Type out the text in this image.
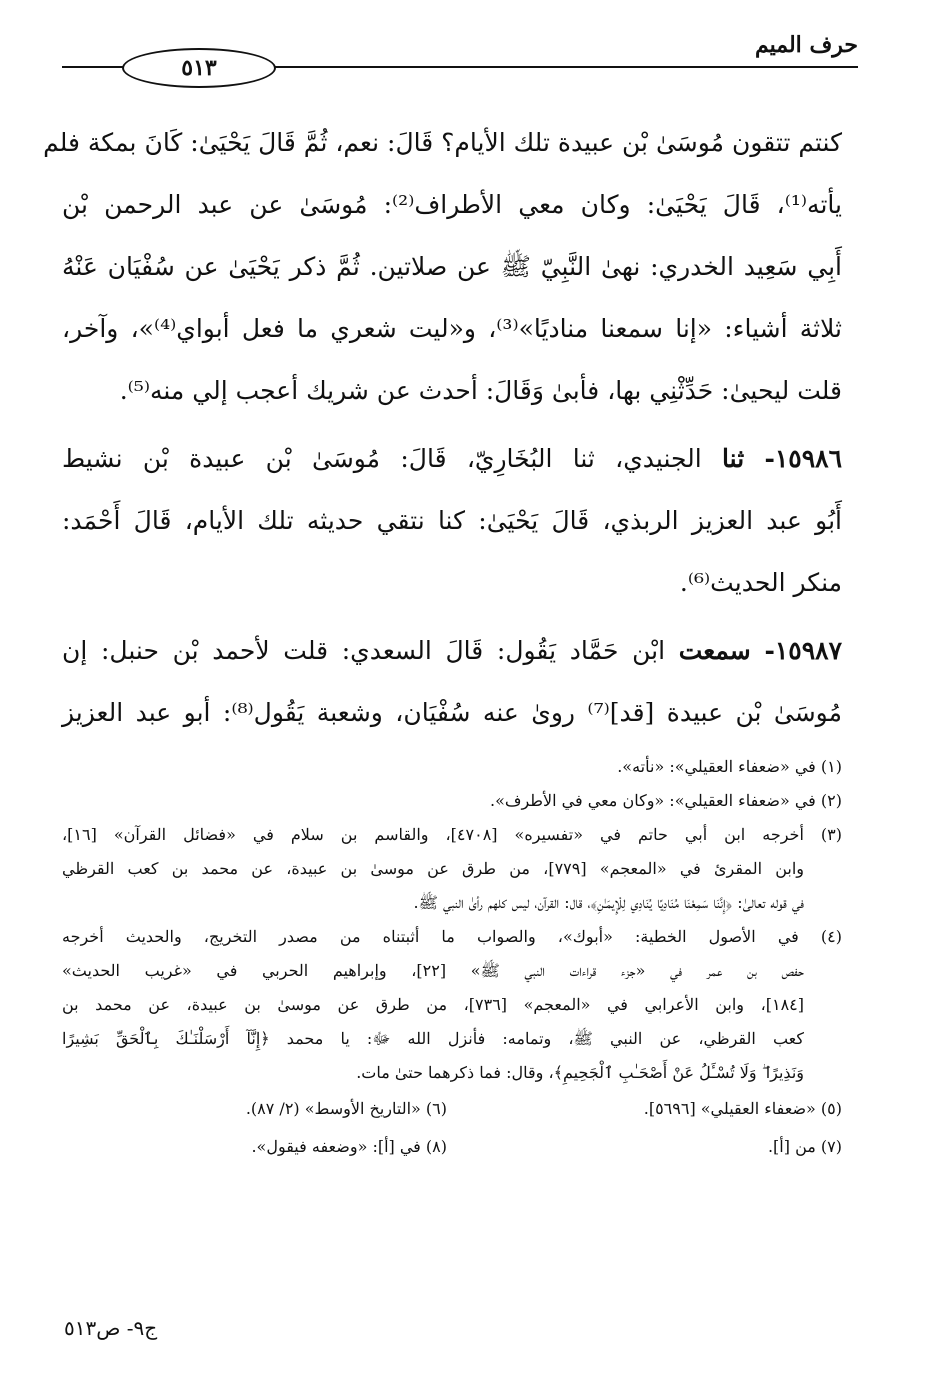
حرف الميم
٥١٣
كنتم تتقون مُوسَىٰ بْن عبيدة تلك الأيام؟ قَالَ: نعم، ثُمَّ قَالَ يَحْيَىٰ: كَانَ بمكة فلم
يأته⁽¹⁾، قَالَ يَحْيَىٰ: وكان معي الأطراف⁽²⁾: مُوسَىٰ عن عبد الرحمن بْن
أَبِي سَعِيد الخدري: نهىٰ النَّبِيّ ﷺ عن صلاتين. ثُمَّ ذكر يَحْيَىٰ عن سُفْيَان عَنْهُ
ثلاثة أشياء: «إنا سمعنا مناديًا»⁽³⁾، و«ليت شعري ما فعل أبواي⁽⁴⁾»، وآخر،
قلت ليحيىٰ: حَدِّثْنِي بها، فأبىٰ وَقَالَ: أحدث عن شريك أعجب إلي منه⁽⁵⁾.
١٥٩٨٦- ثنا الجنيدي، ثنا البُخَارِيّ، قَالَ: مُوسَىٰ بْن عبيدة بْن نشيط
أَبُو عبد العزيز الربذي، قَالَ يَحْيَىٰ: كنا نتقي حديثه تلك الأيام، قَالَ أَحْمَد:
منكر الحديث⁽⁶⁾.
١٥٩٨٧- سمعت ابْن حَمَّاد يَقُول: قَالَ السعدي: قلت لأحمد بْن حنبل: إن
مُوسَىٰ بْن عبيدة [قد]⁽⁷⁾ روىٰ عنه سُفْيَان، وشعبة يَقُول⁽⁸⁾: أبو عبد العزيز
(١) في «ضعفاء العقيلي»: «نأته».
(٢) في «ضعفاء العقيلي»: «وكان معي في الأطرف».
(٣) أخرجه ابن أبي حاتم في «تفسيره» [٤٧٠٨]، والقاسم بن سلام في «فضائل القرآن» [١٦]،
وابن المقرئ في «المعجم» [٧٧٩]، من طرق عن موسىٰ بن عبيدة، عن محمد بن كعب القرظي
في قوله تعالىٰ: ﴿إِنَّنَا سَمِعْنَا مُنَادِيًا يُنَادِي لِلْإِيمَـٰنِ﴾، قال: القرآن، ليس كلهم رأىٰ النبي ﷺ.
(٤) في الأصول الخطية: «أبوك»، والصواب ما أثبتناه من مصدر التخريج، والحديث أخرجه
حفص بن عمر في «جزء قراءات النبي ﷺ» [٢٢]، وإبراهيم الحربي في «غريب الحديث»
[١٨٤]، وابن الأعرابي في «المعجم» [٧٣٦]، من طرق عن موسىٰ بن عبيدة، عن محمد بن
كعب القرظي، عن النبي ﷺ، وتمامه: فأنزل الله ﷻ: يا محمد ﴿إِنَّآ أَرْسَلْنَـٰكَ بِٱلْحَقِّ بَشِيرًا
وَنَذِيرًا ۖ وَلَا تُسْـَٔلُ عَنْ أَصْحَـٰبِ ٱلْجَحِيمِ﴾، وقال: فما ذكرهما حتىٰ مات.
(٥) «ضعفاء العقيلي» [٥٦٩٦].
(٦) «التاريخ الأوسط» (٢/ ٨٧).
(٧) من [أ].
(٨) في [أ]: «وضعفه فيقول».
ج٩- ص٥١٣
